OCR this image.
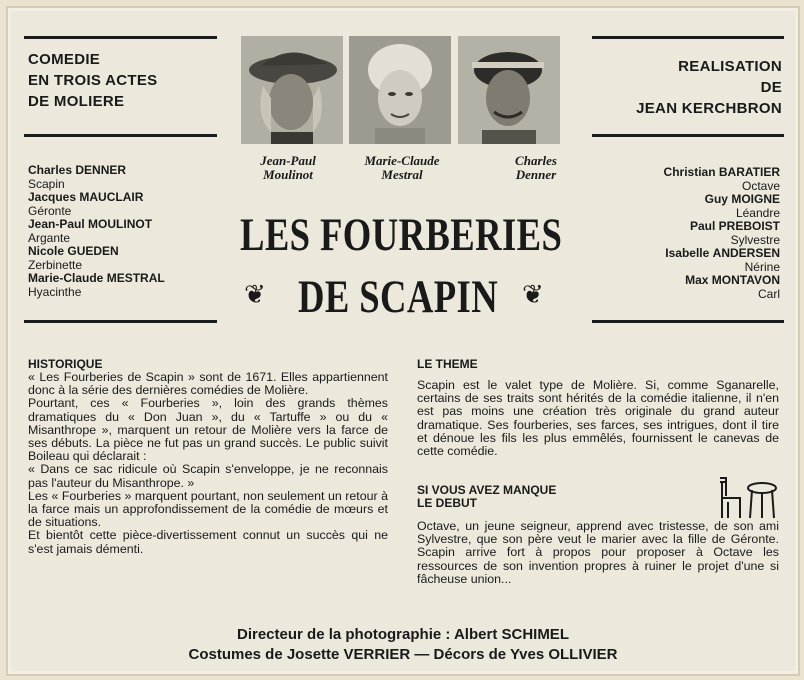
COMEDIE
EN TROIS ACTES
DE MOLIERE
REALISATION
DE
JEAN KERCHBRON
Jean-Paul
Moulinot
Marie-Claude
Mestral
Charles
Denner
Charles DENNER
Scapin
Jacques MAUCLAIR
Géronte
Jean-Paul MOULINOT
Argante
Nicole GUEDEN
Zerbinette
Marie-Claude MESTRAL
Hyacinthe
Christian BARATIER
Octave
Guy MOIGNE
Léandre
Paul PREBOIST
Sylvestre
Isabelle ANDERSEN
Nérine
Max MONTAVON
Carl
LES FOURBERIES
❦ DE SCAPIN ❦
HISTORIQUE

« Les Fourberies de Scapin » sont de 1671. Elles appartiennent donc à la série des dernières comédies de Molière.

Pourtant, ces « Fourberies », loin des grands thèmes dramatiques du « Don Juan », du « Tartuffe » ou du « Misanthrope », marquent un retour de Molière vers la farce de ses débuts. La pièce ne fut pas un grand succès. Le public suivit Boileau qui déclarait :

« Dans ce sac ridicule où Scapin s'enveloppe, je ne reconnais pas l'auteur du Misanthrope. »

Les « Fourberies » marquent pourtant, non seulement un retour à la farce mais un approfondissement de la comédie de mœurs et de situations.

Et bientôt cette pièce-divertissement connut un succès qui ne s'est jamais démenti.

LE THEME
Scapin est le valet type de Molière. Si, comme Sganarelle, certains de ses traits sont hérités de la comédie italienne, il n'en est pas moins une création très originale du grand auteur dramatique. Ses fourberies, ses farces, ses intrigues, dont il tire et dénoue les fils les plus emmêlés, fournissent le canevas de cette comédie.
SI VOUS AVEZ MANQUE
LE DEBUT
Octave, un jeune seigneur, apprend avec tristesse, de son ami Sylvestre, que son père veut le marier avec la fille de Géronte. Scapin arrive fort à propos pour proposer à Octave les ressources de son invention propres à ruiner le projet d'une si fâcheuse union...
Directeur de la photographie : Albert SCHIMEL
Costumes de Josette VERRIER — Décors de Yves OLLIVIER
